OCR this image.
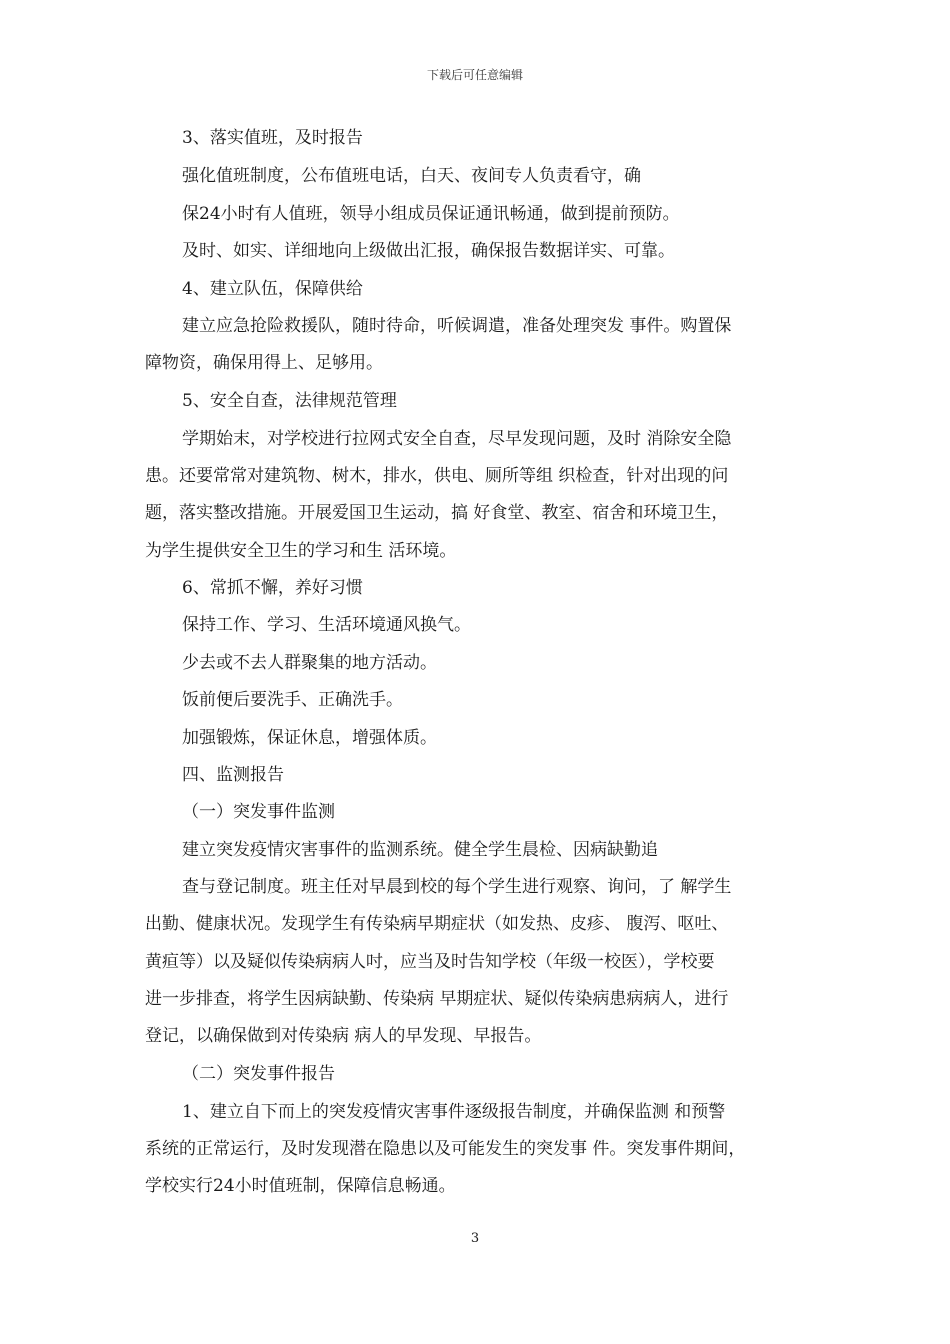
下载后可任意编辑
3、落实值班，及时报告
强化值班制度，公布值班电话，白天、夜间专人负责看守，确
保24小时有人值班，领导小组成员保证通讯畅通，做到提前预防。
及时、如实、详细地向上级做出汇报，确保报告数据详实、可靠。
4、建立队伍，保障供给
建立应急抢险救援队，随时待命，听候调遣，准备处理突发 事件。购置保
障物资，确保用得上、足够用。
5、安全自查，法律规范管理
学期始末，对学校进行拉网式安全自查，尽早发现问题，及时 消除安全隐
患。还要常常对建筑物、树木，排水，供电、厕所等组 织检查，针对出现的问
题，落实整改措施。开展爱国卫生运动，搞 好食堂、教室、宿舍和环境卫生，
为学生提供安全卫生的学习和生 活环境。
6、常抓不懈，养好习惯
保持工作、学习、生活环境通风换气。
少去或不去人群聚集的地方活动。
饭前便后要洗手、正确洗手。
加强锻炼，保证休息，增强体质。
四、监测报告
（一）突发事件监测
建立突发疫情灾害事件的监测系统。健全学生晨检、因病缺勤追
查与登记制度。班主任对早晨到校的每个学生进行观察、询问，了 解学生
出勤、健康状况。发现学生有传染病早期症状（如发热、皮疹、 腹泻、呕吐、
黄疸等）以及疑似传染病病人吋，应当及时告知学校（年级一校医），学校要
进一步排查，将学生因病缺勤、传染病 早期症状、疑似传染病患病病人，进行
登记，以确保做到对传染病 病人的早发现、早报告。
（二）突发事件报告
1、建立自下而上的突发疫情灾害事件逐级报告制度，并确保监测 和预警
系统的正常运行，及时发现潜在隐患以及可能发生的突发事 件。突发事件期间，
学校实行24小时值班制，保障信息畅通。
3
